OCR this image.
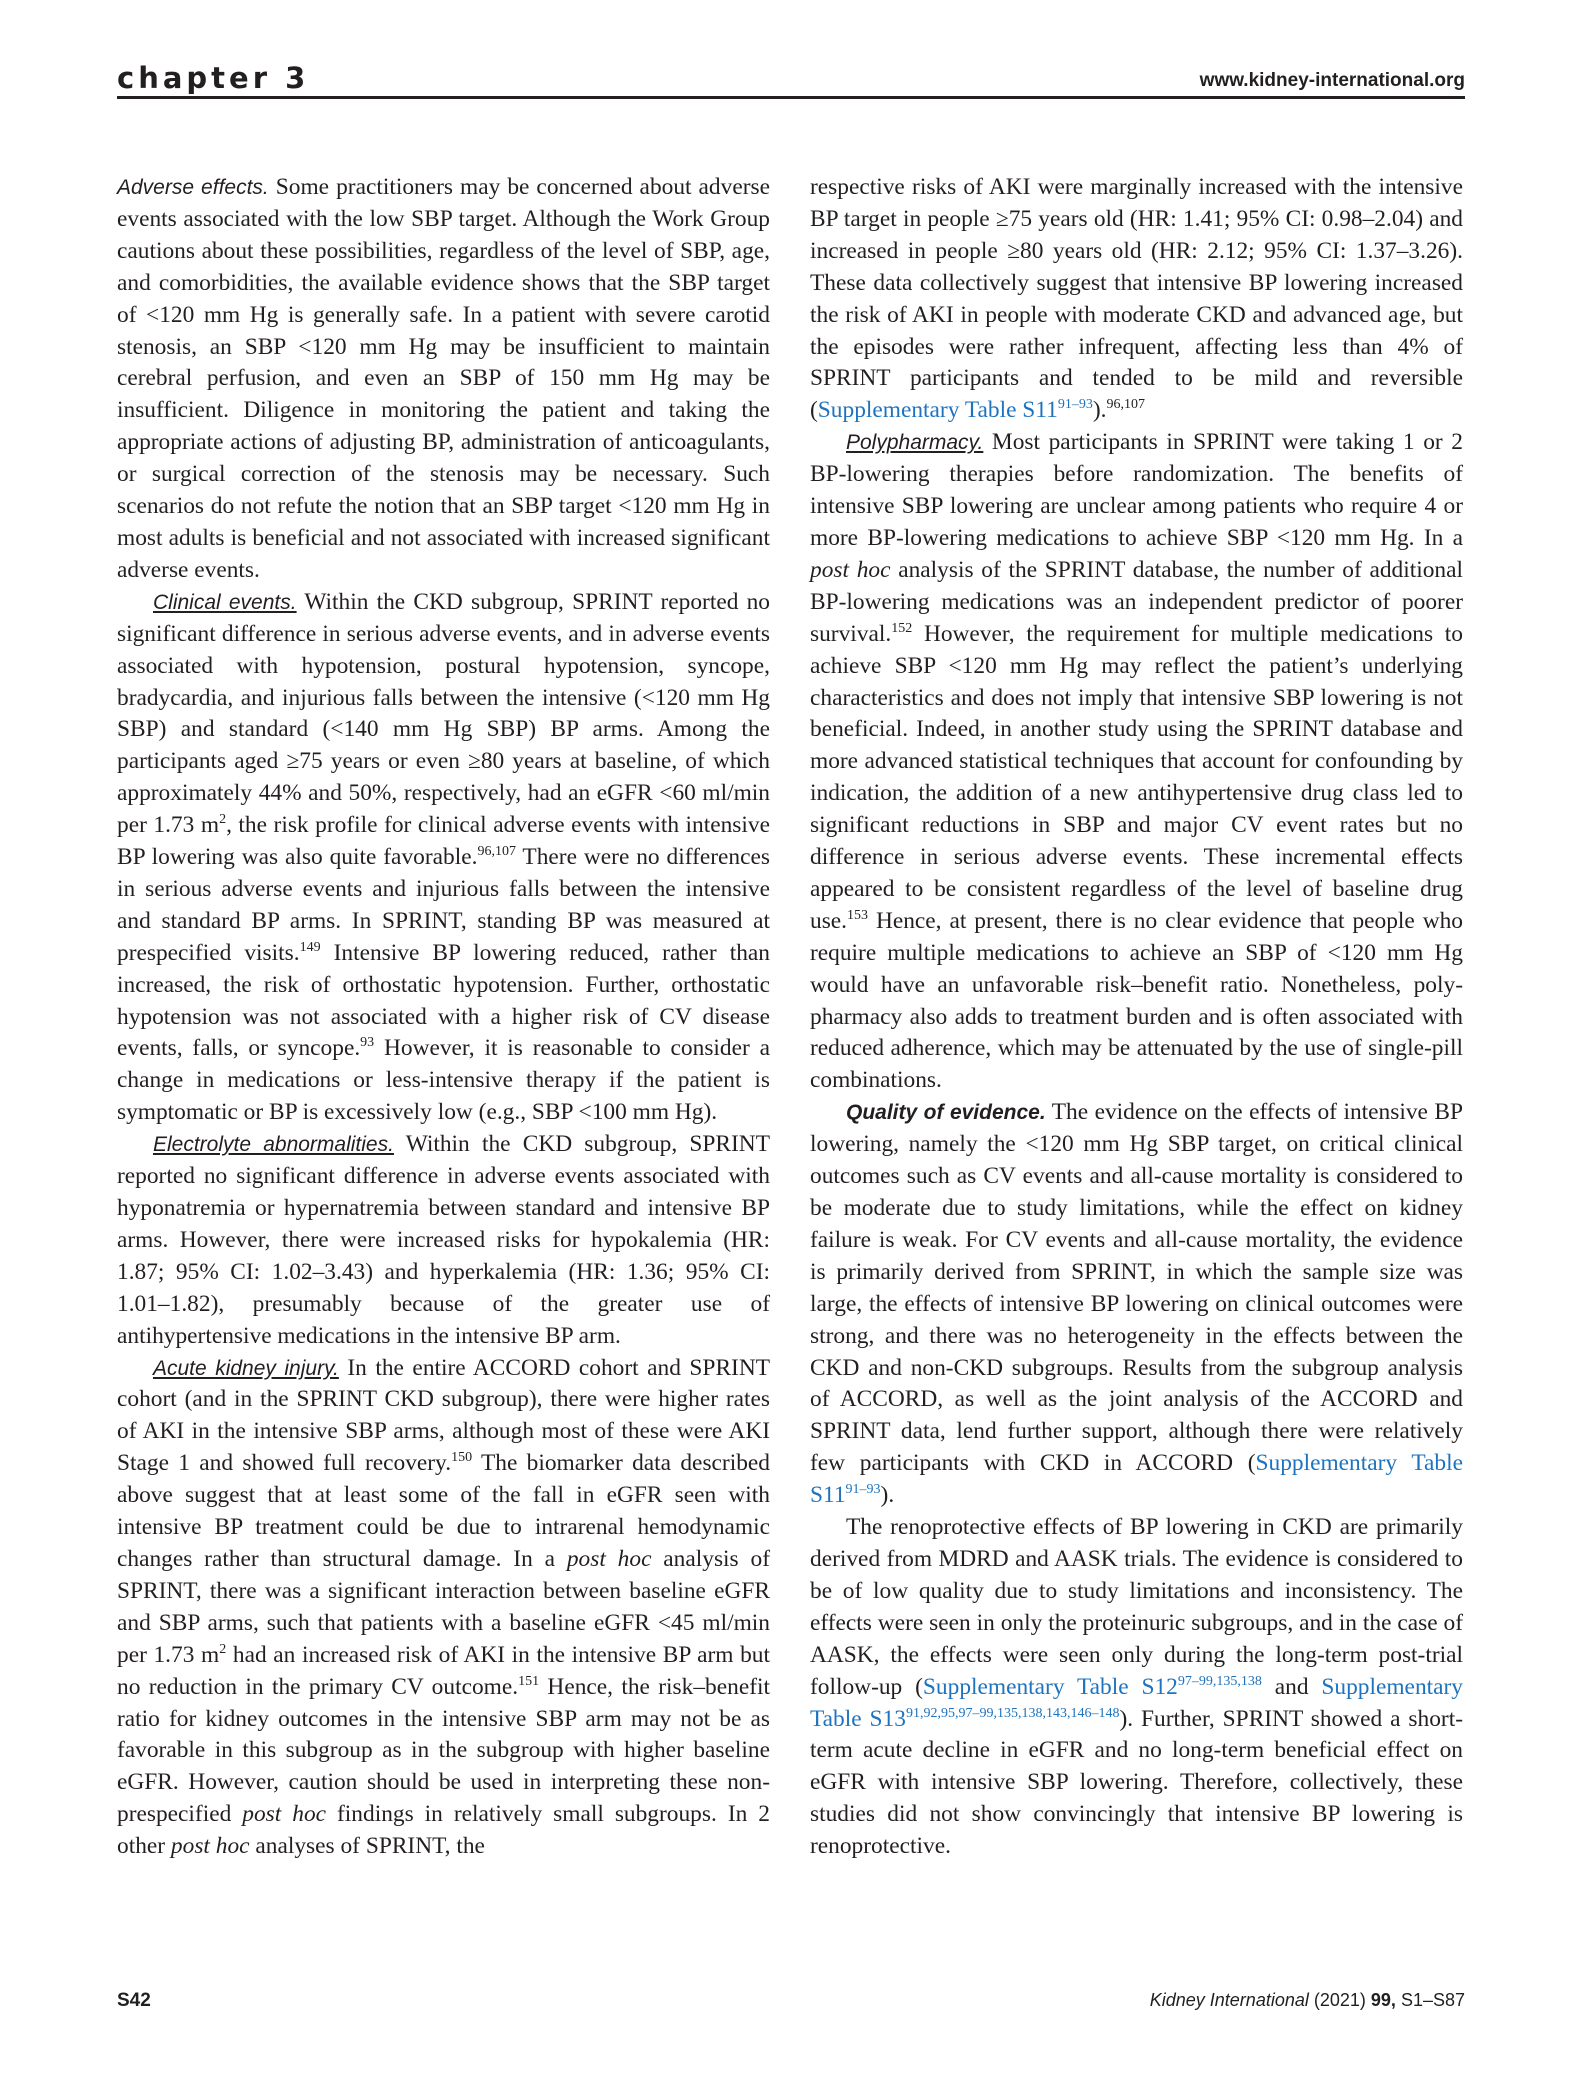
chapter 3	www.kidney-international.org

Adverse effects. Some practitioners may be concerned about adverse events associated with the low SBP target. Although the Work Group cautions about these possibilities, regardless of the level of SBP, age, and comorbidities, the available evidence shows that the SBP target of <120 mm Hg is generally safe. In a patient with severe carotid stenosis, an SBP <120 mm Hg may be insufficient to maintain cerebral perfusion, and even an SBP of 150 mm Hg may be insufficient. Diligence in monitoring the patient and taking the appropriate actions of adjusting BP, administration of anticoagulants, or surgical correction of the stenosis may be necessary. Such scenarios do not refute the notion that an SBP target <120 mm Hg in most adults is beneficial and not associated with increased significant adverse events.

Clinical events. Within the CKD subgroup, SPRINT reported no significant difference in serious adverse events, and in adverse events associated with hypotension, postural hypotension, syncope, bradycardia, and injurious falls between the intensive (<120 mm Hg SBP) and standard (<140 mm Hg SBP) BP arms. Among the participants aged ≥75 years or even ≥80 years at baseline, of which approximately 44% and 50%, respectively, had an eGFR <60 ml/min per 1.73 m$^2$, the risk profile for clinical adverse events with intensive BP lowering was also quite favorable.$^{96,107}$ There were no differences in serious adverse events and injurious falls between the intensive and standard BP arms. In SPRINT, standing BP was measured at prespecified visits.$^{149}$ Intensive BP lowering reduced, rather than increased, the risk of orthostatic hypotension. Further, orthostatic hypotension was not associated with a higher risk of CV disease events, falls, or syncope.$^{93}$ However, it is reasonable to consider a change in medications or less-intensive therapy if the patient is symptomatic or BP is excessively low (e.g., SBP <100 mm Hg).

Electrolyte abnormalities. Within the CKD subgroup, SPRINT reported no significant difference in adverse events associated with hyponatremia or hypernatremia between standard and intensive BP arms. However, there were increased risks for hypokalemia (HR: 1.87; 95% CI: 1.02–3.43) and hyperkalemia (HR: 1.36; 95% CI: 1.01–1.82), presumably because of the greater use of antihypertensive medications in the intensive BP arm.

Acute kidney injury. In the entire ACCORD cohort and SPRINT cohort (and in the SPRINT CKD subgroup), there were higher rates of AKI in the intensive SBP arms, although most of these were AKI Stage 1 and showed full recovery.$^{150}$ The biomarker data described above suggest that at least some of the fall in eGFR seen with intensive BP treatment could be due to intrarenal hemodynamic changes rather than structural damage. In a post hoc analysis of SPRINT, there was a significant interaction between baseline eGFR and SBP arms, such that patients with a baseline eGFR <45 ml/min per 1.73 m$^2$ had an increased risk of AKI in the intensive BP arm but no reduction in the primary CV outcome.$^{151}$ Hence, the risk–benefit ratio for kidney outcomes in the intensive SBP arm may not be as favorable in this subgroup as in the subgroup with higher baseline eGFR. However, caution should be used in interpreting these non-prespecified post hoc findings in relatively small subgroups. In 2 other post hoc analyses of SPRINT, the

respective risks of AKI were marginally increased with the intensive BP target in people ≥75 years old (HR: 1.41; 95% CI: 0.98–2.04) and increased in people ≥80 years old (HR: 2.12; 95% CI: 1.37–3.26). These data collectively suggest that intensive BP lowering increased the risk of AKI in people with moderate CKD and advanced age, but the episodes were rather infrequent, affecting less than 4% of SPRINT participants and tended to be mild and reversible (Supplementary Table S11$^{91-93}$).$^{96,107}$

Polypharmacy. Most participants in SPRINT were taking 1 or 2 BP-lowering therapies before randomization. The benefits of intensive SBP lowering are unclear among patients who require 4 or more BP-lowering medications to achieve SBP <120 mm Hg. In a post hoc analysis of the SPRINT database, the number of additional BP-lowering medications was an independent predictor of poorer survival.$^{152}$ However, the requirement for multiple medications to achieve SBP <120 mm Hg may reflect the patient’s underlying characteristics and does not imply that intensive SBP lowering is not beneficial. Indeed, in another study using the SPRINT database and more advanced statistical techniques that account for confounding by indication, the addition of a new antihypertensive drug class led to significant reductions in SBP and major CV event rates but no difference in serious adverse events. These incremental effects appeared to be consistent regardless of the level of baseline drug use.$^{153}$ Hence, at present, there is no clear evidence that people who require multiple medications to achieve an SBP of <120 mm Hg would have an unfavorable risk–benefit ratio. Nonetheless, polypharmacy also adds to treatment burden and is often associated with reduced adherence, which may be attenuated by the use of single-pill combinations.

Quality of evidence. The evidence on the effects of intensive BP lowering, namely the <120 mm Hg SBP target, on critical clinical outcomes such as CV events and all-cause mortality is considered to be moderate due to study limitations, while the effect on kidney failure is weak. For CV events and all-cause mortality, the evidence is primarily derived from SPRINT, in which the sample size was large, the effects of intensive BP lowering on clinical outcomes were strong, and there was no heterogeneity in the effects between the CKD and non-CKD subgroups. Results from the subgroup analysis of ACCORD, as well as the joint analysis of the ACCORD and SPRINT data, lend further support, although there were relatively few participants with CKD in ACCORD (Supplementary Table S11$^{91-93}$).

The renoprotective effects of BP lowering in CKD are primarily derived from MDRD and AASK trials. The evidence is considered to be of low quality due to study limitations and inconsistency. The effects were seen in only the proteinuric subgroups, and in the case of AASK, the effects were seen only during the long-term post-trial follow-up (Supplementary Table S12$^{97-99,135,138}$ and Supplementary Table S13$^{91,92,95,97-99,135,138,143,146-148}$). Further, SPRINT showed a short-term acute decline in eGFR and no long-term beneficial effect on eGFR with intensive SBP lowering. Therefore, collectively, these studies did not show convincingly that intensive BP lowering is renoprotective.

S42	Kidney International (2021) 99, S1–S87
